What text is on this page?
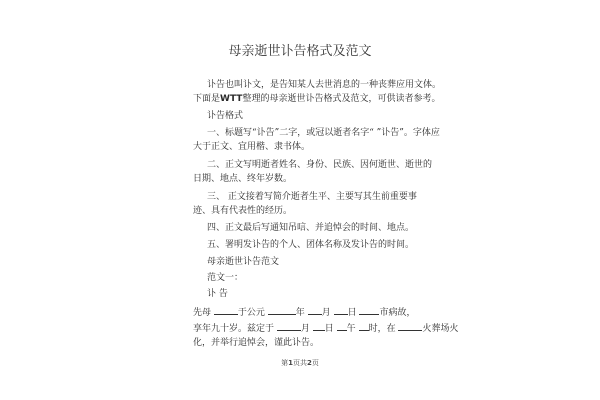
母亲逝世讣告格式及范文
讣告也叫讣文，是告知某人去世消息的一种丧葬应用文体。
下面是WTT整理的母亲逝世讣告格式及范文，可供读者参考。
讣告格式
一、标题写“讣告”二字，或冠以逝者名字“ ”讣告”。字体应
大于正文、宜用楷、隶书体。
二、正文写明逝者姓名、身份、民族、因何逝世、逝世的
日期、地点、终年岁数。
三、 正文接着写简介逝者生平、主要写其生前重要事
迹、具有代表性的经历。
四、正文最后写通知吊唁、并追悼会的时间、地点。
五、署明发讣告的个人、团体名称及发讣告的时间。
母亲逝世讣告范文
范文一：
讣 告
先母	于公元	年 月 日	市病故，
享年九十岁。兹定于	月 日 午 时，在	火葬场火
化，并举行追悼会，谨此讣告。
第1页共2页
